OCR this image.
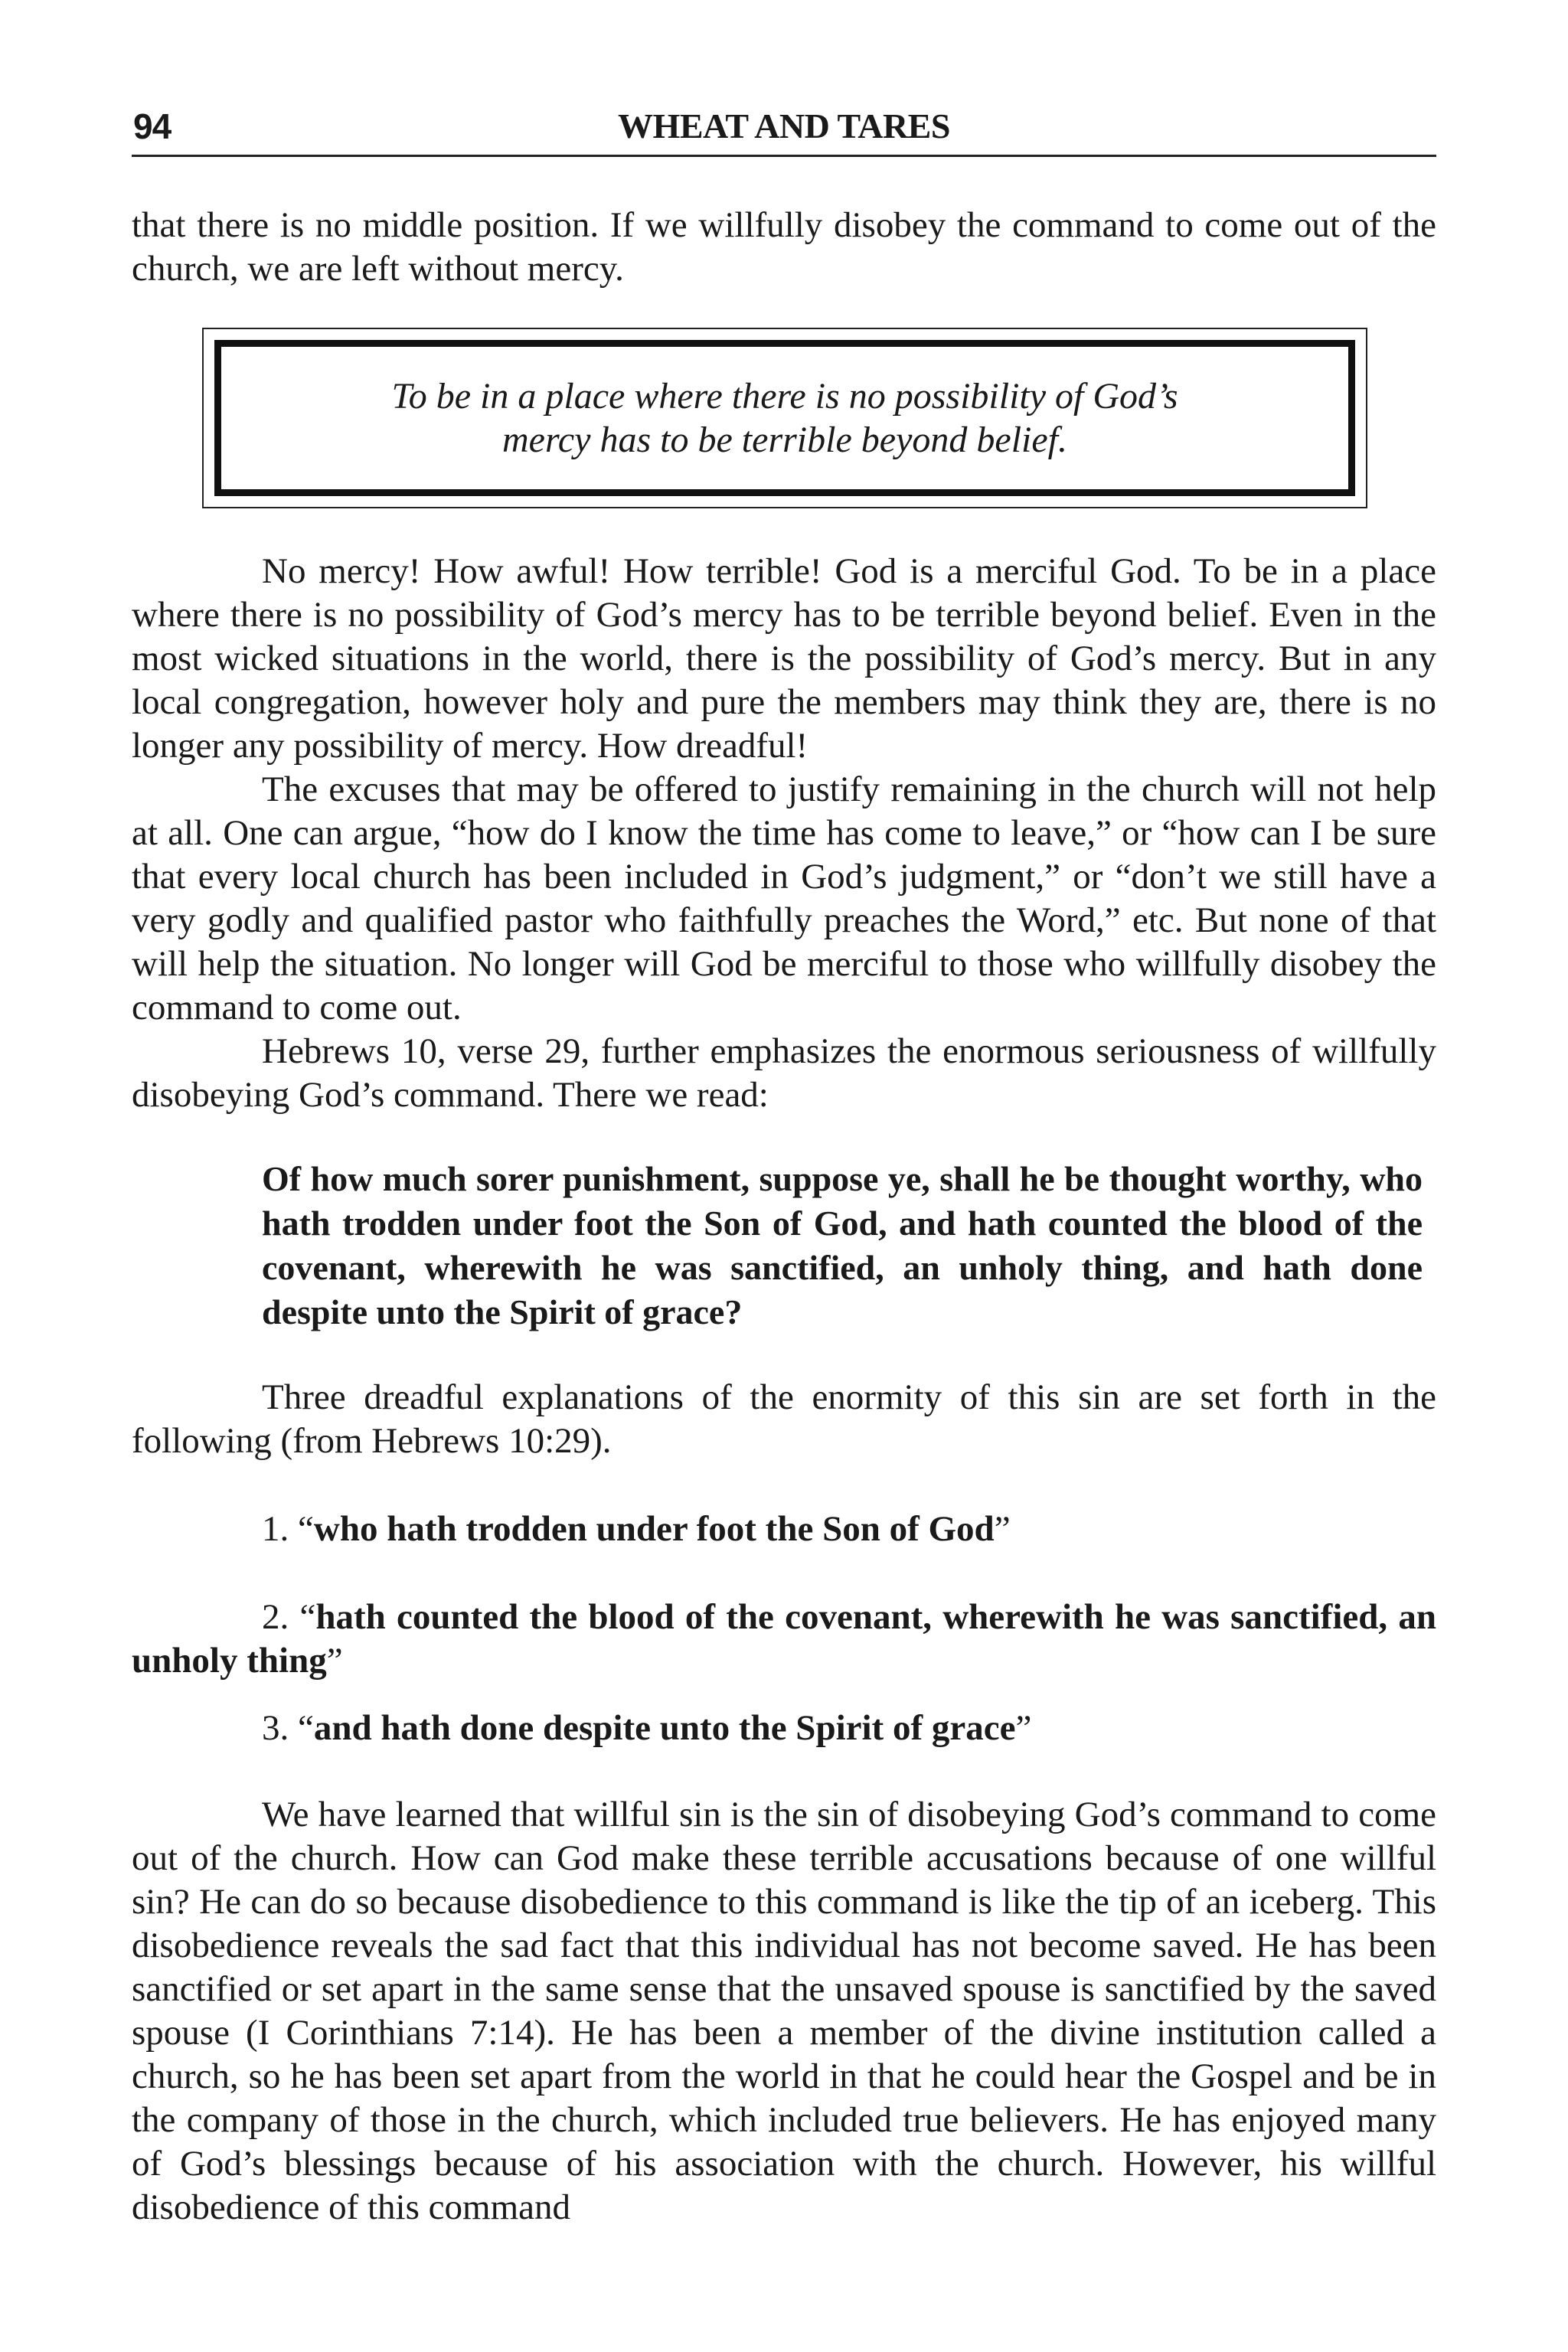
94	WHEAT AND TARES

that there is no middle position. If we willfully disobey the command to come out of the church, we are left without mercy.

To be in a place where there is no possibility of God’s
mercy has to be terrible beyond belief.

No mercy! How awful! How terrible! God is a merciful God. To be in a place where there is no possibility of God’s mercy has to be terrible beyond belief. Even in the most wicked situations in the world, there is the possibility of God’s mercy. But in any local congregation, however holy and pure the members may think they are, there is no longer any possibility of mercy. How dreadful!

The excuses that may be offered to justify remaining in the church will not help at all. One can argue, “how do I know the time has come to leave,” or “how can I be sure that every local church has been included in God’s judgment,” or “don’t we still have a very godly and qualified pastor who faithfully preaches the Word,” etc. But none of that will help the situation. No longer will God be merciful to those who willfully disobey the command to come out.

Hebrews 10, verse 29, further emphasizes the enormous seriousness of willfully disobeying God’s command. There we read:

Of how much sorer punishment, suppose ye, shall he be thought worthy, who hath trodden under foot the Son of God, and hath counted the blood of the covenant, wherewith he was sanctified, an unholy thing, and hath done despite unto the Spirit of grace?

Three dreadful explanations of the enormity of this sin are set forth in the following (from Hebrews 10:29).

1. “who hath trodden under foot the Son of God”

2. “hath counted the blood of the covenant, wherewith he was sanctified, an unholy thing”

3. “and hath done despite unto the Spirit of grace”

We have learned that willful sin is the sin of disobeying God’s command to come out of the church. How can God make these terrible accusations because of one willful sin? He can do so because disobedience to this command is like the tip of an iceberg. This disobedience reveals the sad fact that this individual has not become saved. He has been sanctified or set apart in the same sense that the unsaved spouse is sanctified by the saved spouse (I Corinthians 7:14). He has been a member of the divine institution called a church, so he has been set apart from the world in that he could hear the Gospel and be in the company of those in the church, which included true believers. He has enjoyed many of God’s blessings because of his association with the church. However, his willful disobedience of this command
